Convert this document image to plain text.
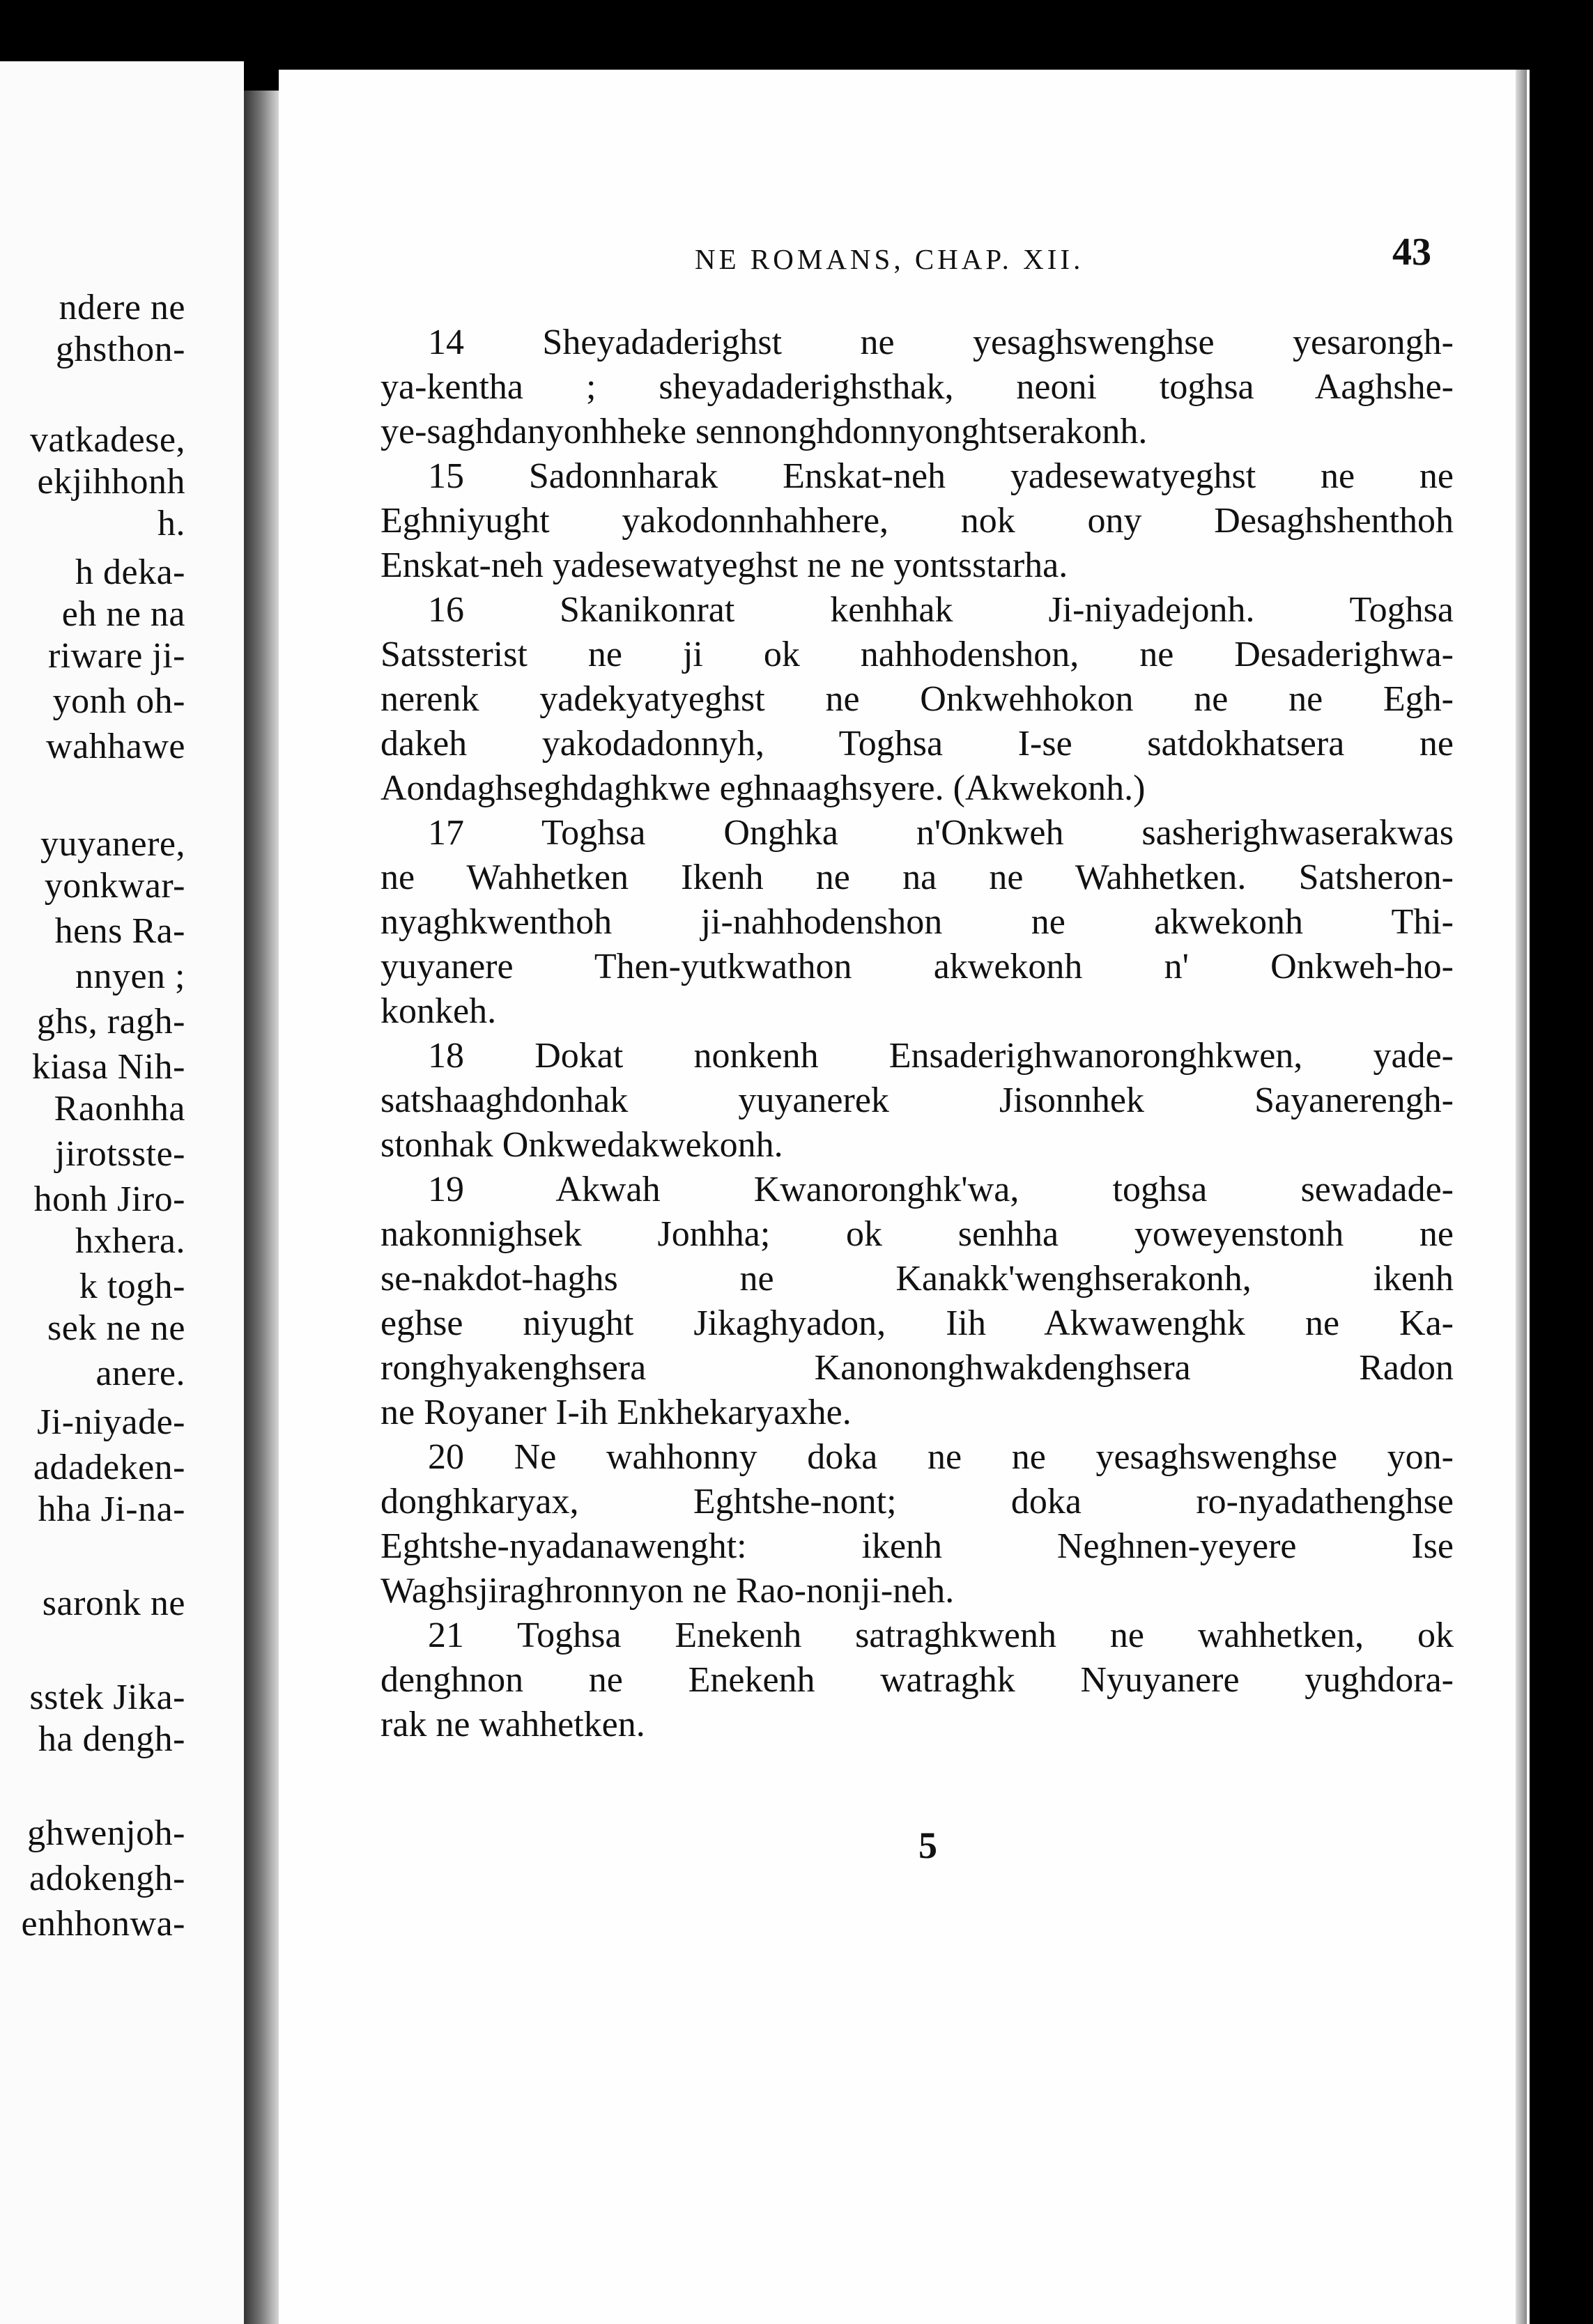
ndere ne
ghsthon-
vatkadese,
ekjihhonh
h.
h deka-
eh ne na
riware ji-
yonh oh-
wahhawe
yuyanere,
yonkwar-
hens Ra-
nnyen ;
ghs, ragh-
kiasa Nih-
Raonhha
jirotsste-
honh Jiro-
hxhera.
k togh-
sek ne ne
anere.
Ji-niyade-
adadeken-
hha Ji-na-
saronk ne
sstek Jika-
ha dengh-
ghwenjoh-
adokengh-
enhhonwa-
NE ROMANS, CHAP. XII.	43
14 Sheyadaderighst ne yesaghswenghse yesarongh-
ya-kentha ; sheyadaderighsthak, neoni toghsa Aaghshe-
ye-saghdanyonhheke sennonghdonnyonghtserakonh.
15 Sadonnharak Enskat-neh yadesewatyeghst ne ne
Eghniyught yakodonnhahhere, nok ony Desaghshenthoh
Enskat-neh yadesewatyeghst ne ne yontsstarha.
16 Skanikonrat kenhhak Ji-niyadejonh. Toghsa
Satssterist ne ji ok nahhodenshon, ne Desaderighwa-
nerenk yadekyatyeghst ne Onkwehhokon ne ne Egh-
dakeh yakodadonnyh, Toghsa I-se satdokhatsera ne
Aondaghseghdaghkwe eghnaaghsyere. (Akwekonh.)
17 Toghsa Onghka n'Onkweh sasherighwaserakwas
ne Wahhetken Ikenh ne na ne Wahhetken. Satsheron-
nyaghkwenthoh ji-nahhodenshon ne akwekonh Thi-
yuyanere Then-yutkwathon akwekonh n' Onkweh-ho-
konkeh.
18 Dokat nonkenh Ensaderighwanoronghkwen, yade-
satshaaghdonhak yuyanerek Jisonnhek Sayanerengh-
stonhak Onkwedakwekonh.
19 Akwah Kwanoronghk'wa, toghsa sewadade-
nakonnighsek Jonhha; ok senhha yoweyenstonh ne
se-nakdot-haghs ne Kanakk'wenghserakonh, ikenh
eghse niyught Jikaghyadon, Iih Akwawenghk ne Ka-
ronghyakenghsera Kanononghwakdenghsera Radon
ne Royaner I-ih Enkhekaryaxhe.
20 Ne wahhonny doka ne ne yesaghswenghse yon-
donghkaryax, Eghtshe-nont; doka ro-nyadathenghse
Eghtshe-nyadanawenght: ikenh Neghnen-yeyere Ise
Waghsjiraghronnyon ne Rao-nonji-neh.
21 Toghsa Enekenh satraghkwenh ne wahhetken, ok
denghnon ne Enekenh watraghk Nyuyanere yughdora-
rak ne wahhetken.
5
